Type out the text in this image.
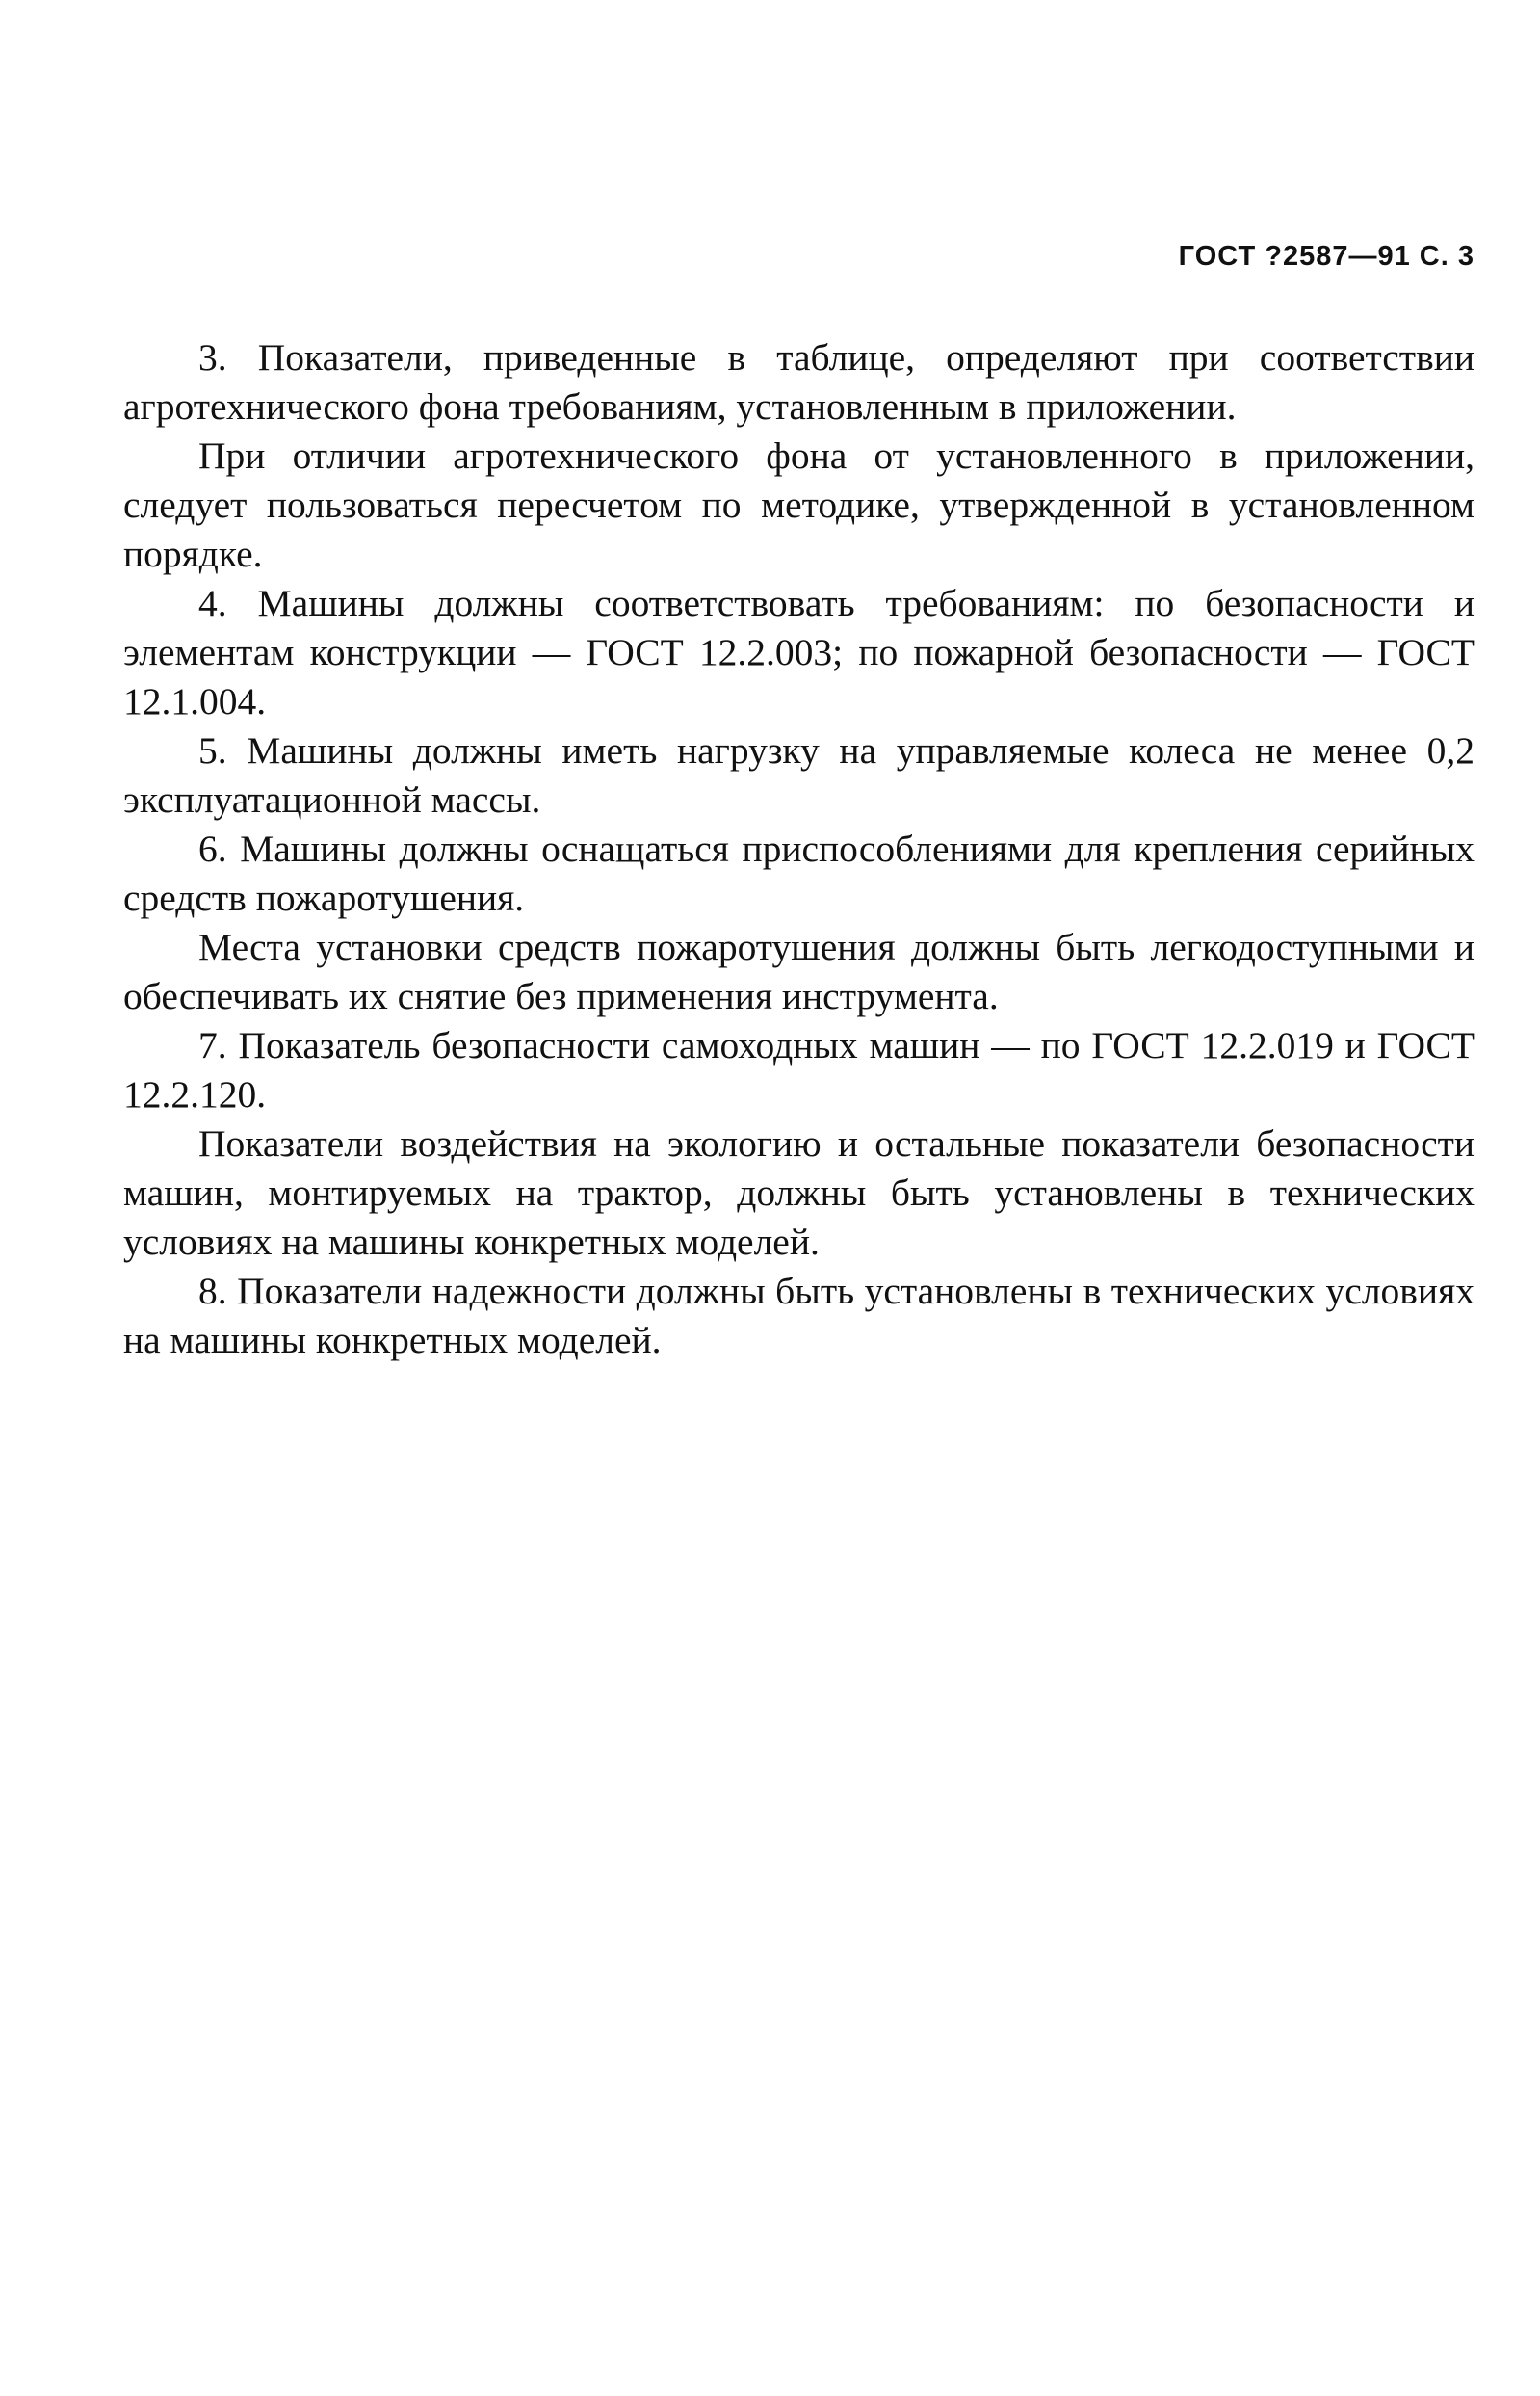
ГОСТ ?2587—91 С. 3

3. Показатели, приведенные в таблице, определяют при соответствии агротехнического фона требованиям, установленным в приложении.

При отличии агротехнического фона от установленного в приложении, следует пользоваться пересчетом по методике, утвержденной в установленном порядке.

4. Машины должны соответствовать требованиям: по безопасности и элементам конструкции — ГОСТ 12.2.003; по пожарной безопасности — ГОСТ 12.1.004.

5. Машины должны иметь нагрузку на управляемые колеса не менее 0,2 эксплуатационной массы.

6. Машины должны оснащаться приспособлениями для крепления серийных средств пожаротушения.

Места установки средств пожаротушения должны быть легкодоступными и обеспечивать их снятие без применения инструмента.

7. Показатель безопасности самоходных машин — по ГОСТ 12.2.019 и ГОСТ 12.2.120.

Показатели воздействия на экологию и остальные показатели безопасности машин, монтируемых на трактор, должны быть установлены в технических условиях на машины конкретных моделей.

8. Показатели надежности должны быть установлены в технических условиях на машины конкретных моделей.
